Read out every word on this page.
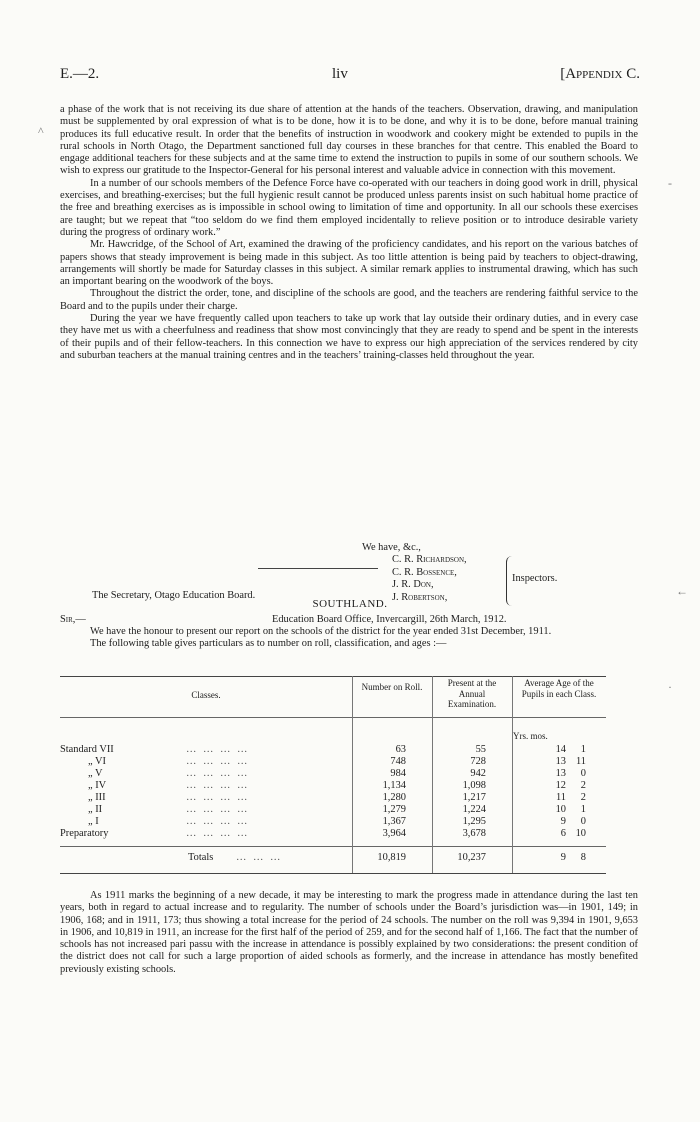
E.—2.	liv	[Appendix C.

a phase of the work that is not receiving its due share of attention at the hands of the teachers. Observation, drawing, and manipulation must be supplemented by oral expression of what is to be done, how it is to be done, and why it is to be done, before manual training produces its full educative result. In order that the benefits of instruction in woodwork and cookery might be extended to pupils in the rural schools in North Otago, the Department sanctioned full day courses in these branches for that centre. This enabled the Board to engage additional teachers for these subjects and at the same time to extend the instruction to pupils in some of our southern schools. We wish to express our gratitude to the Inspector-General for his personal interest and valuable advice in connection with this movement.

In a number of our schools members of the Defence Force have co-operated with our teachers in doing good work in drill, physical exercises, and breathing-exercises; but the full hygienic result cannot be produced unless parents insist on such habitual home practice of the free and breathing exercises as is impossible in school owing to limitation of time and opportunity. In all our schools these exercises are taught; but we repeat that “too seldom do we find them employed incidentally to relieve position or to introduce desirable variety during the progress of ordinary work.”

Mr. Hawcridge, of the School of Art, examined the drawing of the proficiency candidates, and his report on the various batches of papers shows that steady improvement is being made in this subject. As too little attention is being paid by teachers to object-drawing, arrangements will shortly be made for Saturday classes in this subject. A similar remark applies to instrumental drawing, which has such an important bearing on the woodwork of the boys.

Throughout the district the order, tone, and discipline of the schools are good, and the teachers are rendering faithful service to the Board and to the pupils under their charge.

During the year we have frequently called upon teachers to take up work that lay outside their ordinary duties, and in every case they have met us with a cheerfulness and readiness that show most convincingly that they are ready to spend and be spent in the interests of their pupils and of their fellow-teachers. In this connection we have to express our high appreciation of the services rendered by city and suburban teachers at the manual training centres and in the teachers’ training-classes held throughout the year.

We have, &c.,
C. R. Richardson,
C. R. Bossence,
J. R. Don,
J. Robertson,
Inspectors.
The Secretary, Otago Education Board.
SOUTHLAND.
Sir,—	Education Board Office, Invercargill, 26th March, 1912.

We have the honour to present our report on the schools of the district for the year ended 31st December, 1911.

The following table gives particulars as to number on roll, classification, and ages :—

Classes.
Number on Roll.	Present at the Annual Examination.
Average Age of the Pupils in each Class.
Yrs. mos.
Standard VII	… … … …	63	55	14 1
„ VI	… … … …	748	728	13 11
„ V	… … … …	984	942	13 0
„ IV	… … … …	1,134	1,098	12 2
„ III	… … … …	1,280	1,217	11 2
„ II	… … … …	1,279	1,224	10 1
„ I	… … … …	1,367	1,295	9 0
Preparatory	… … … …	3,964	3,678	6 10
Totals	… … …	10,819	10,237	9 8

As 1911 marks the beginning of a new decade, it may be interesting to mark the progress made in attendance during the last ten years, both in regard to actual increase and to regularity. The number of schools under the Board’s jurisdiction was—in 1901, 149; in 1906, 168; and in 1911, 173; thus showing a total increase for the period of 24 schools. The number on the roll was 9,394 in 1901, 9,653 in 1906, and 10,819 in 1911, an increase for the first half of the period of 259, and for the second half of 1,166. The fact that the number of schools has not increased pari passu with the increase in attendance is possibly explained by two considerations: the present condition of the district does not call for such a large proportion of aided schools as formerly, and the increase in attendance has mostly benefited previously existing schools.

^
-
←
·
